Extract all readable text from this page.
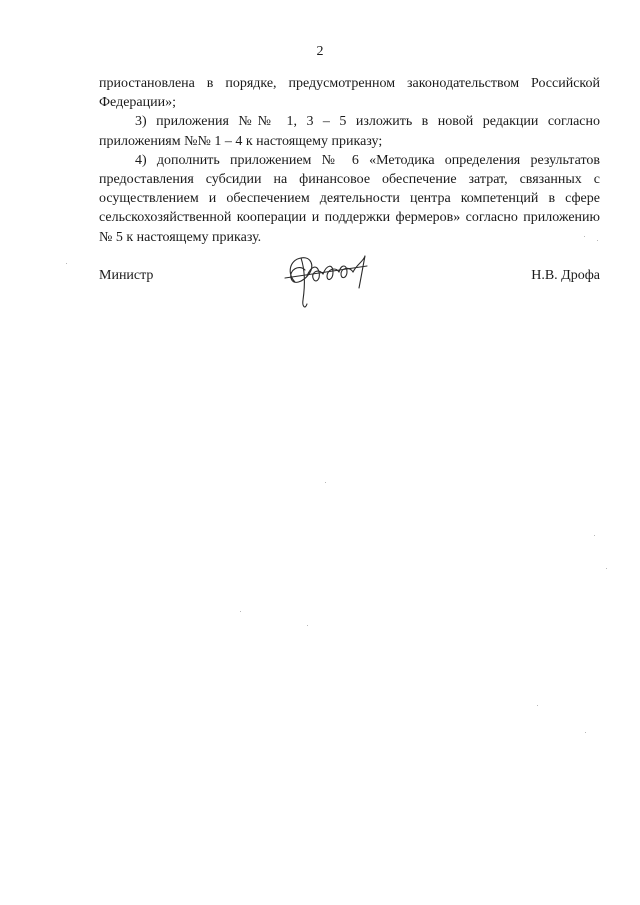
2

приостановлена в порядке, предусмотренном законодательством Российской Федерации»;

3) приложения №№ 1, 3 – 5 изложить в новой редакции согласно приложениям №№ 1 – 4 к настоящему приказу;

4) дополнить приложением № 6 «Методика определения результатов предоставления субсидии на финансовое обеспечение затрат, связанных с осуществлением и обеспечением деятельности центра компетенций в сфере сельскохозяйственной кооперации и поддержки фермеров» согласно приложению № 5 к настоящему приказу.

Министр	Н.В. Дрофа
